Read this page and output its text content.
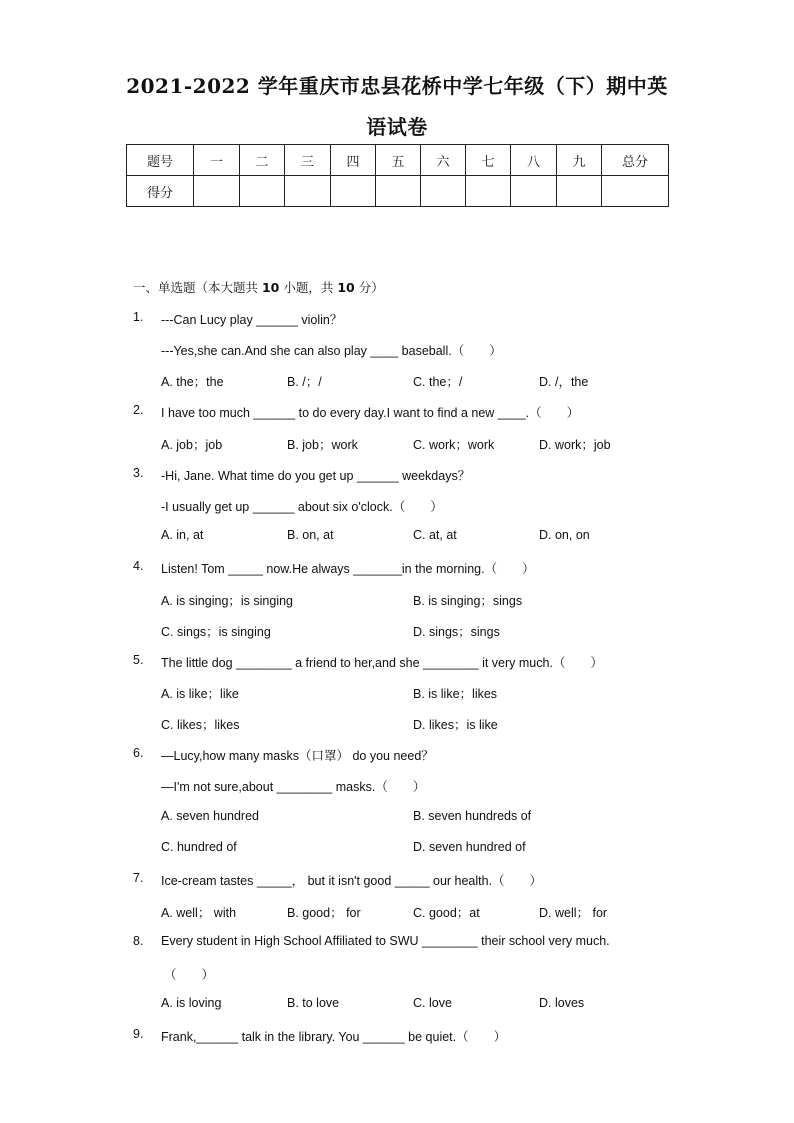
2021-2022 学年重庆市忠县花桥中学七年级（下）期中英
语试卷
题号	一	二	三	四	五	六	七	八	九	总分
得分										
一、单选题（本大题共 10 小题，共 10 分）
1. ---Can Lucy play ______ violin？
---Yes,she can.And she can also play ____ baseball.（　　）
A. the；the	B. /；/	C. the；/	D. /，the
2. I have too much ______ to do every day.I want to find a new ____.（　　）
A. job；job	B. job；work	C. work；work	D. work；job
3. -Hi, Jane. What time do you get up ______ weekdays？
-I usually get up ______ about six o'clock.（　　）
A. in, at	B. on, at	C. at, at	D. on, on
4. Listen! Tom _____ now.He always _______in the morning.（　　）
A. is singing；is singing	B. is singing；sings
C. sings；is singing	D. sings；sings
5. The little dog ________ a friend to her,and she ________ it very much.（　　）
A. is like；like	B. is like；likes
C. likes；likes	D. likes；is like
6. —Lucy,how many masks（口罩） do you need？
—I'm not sure,about ________ masks.（　　）
A. seven hundred	B. seven hundreds of
C. hundred of	D. seven hundred of
7. Ice-cream tastes _____， but it isn't good _____ our health.（　　）
A. well； with	B. good； for	C. good；at	D. well； for
8. Every student in High School Affiliated to SWU ________ their school very much.
（　　）
A. is loving	B. to love	C. love	D. loves
9. Frank,______ talk in the library. You ______ be quiet.（　　）
